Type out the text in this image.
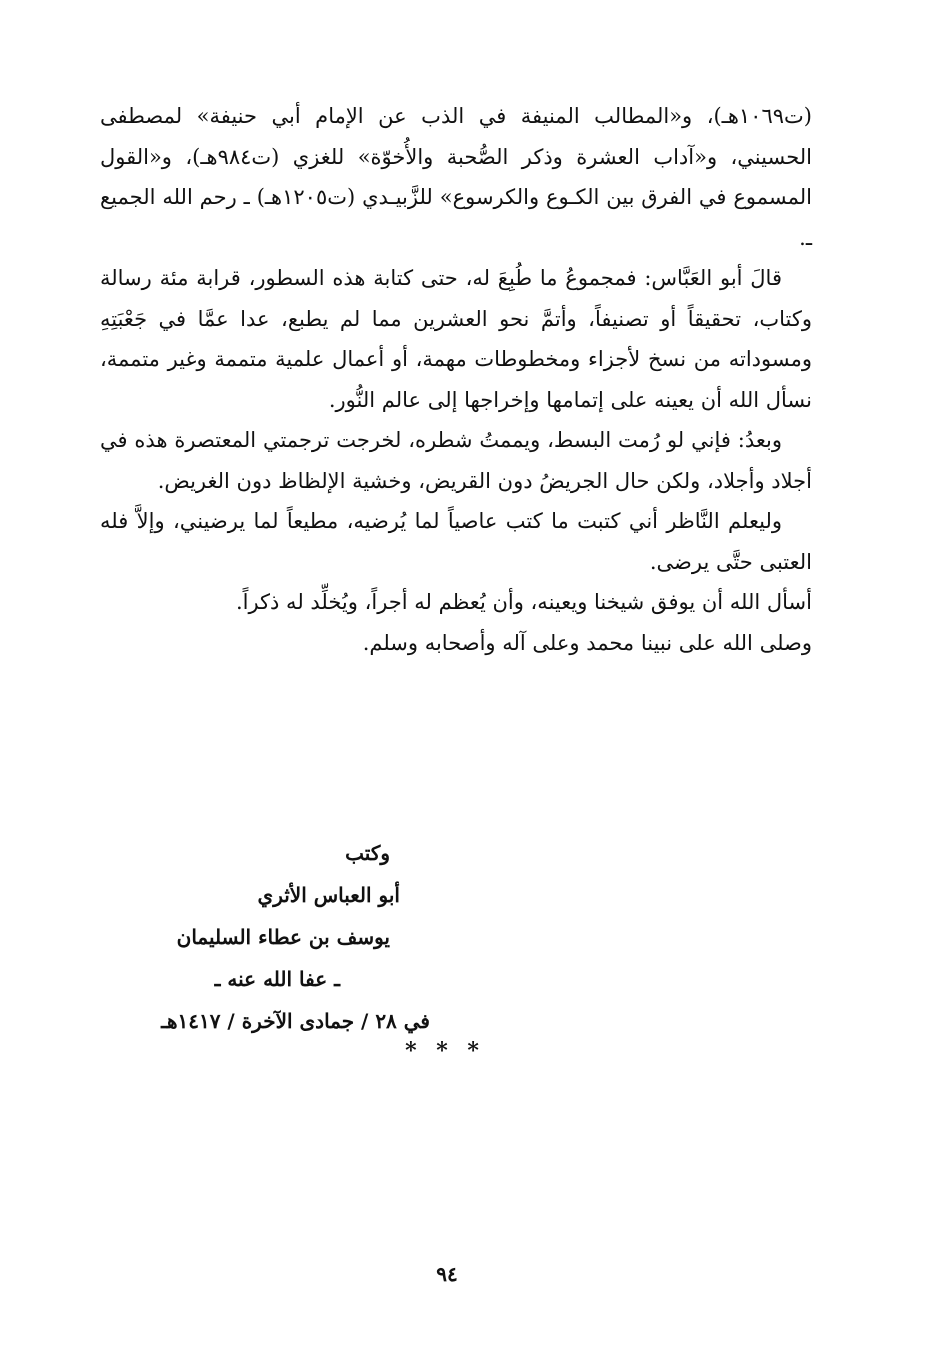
(ت١٠٦٩هـ)، و«المطالب المنيفة في الذب عن الإمام أبي حنيفة» لمصطفى الحسيني، و«آداب العشرة وذكر الصُّحبة والأُخوّة» للغزي (ت٩٨٤هـ)، و«القول المسموع في الفرق بين الكـوع والكرسوع» للزَّبيـدي (ت١٢٠٥هـ) ـ رحم الله الجميع ـ.

قالَ أبو العَبَّاس: فمجموعُ ما طُبِعَ له، حتى كتابة هذه السطور، قرابة مئة رسالة وكتاب، تحقيقاً أو تصنيفاً، وأتمَّ نحو العشرين مما لم يطبع، عدا عمَّا في جَعْبَتِهِ ومسوداته من نسخ لأجزاء ومخطوطات مهمة، أو أعمال علمية متممة وغير متممة، نسأل الله أن يعينه على إتمامها وإخراجها إلى عالم النُّور.

وبعدُ: فإني لو رُمت البسط، ويممتُ شطره، لخرجت ترجمتي المعتصرة هذه في أجلاد وأجلاد، ولكن حال الجريضُ دون القريض، وخشية الإلظاظ دون الغريض.

وليعلم النَّاظر أني كتبت ما كتب عاصياً لما يُرضيه، مطيعاً لما يرضيني، وإلاَّ فله العتبى حتَّى يرضى.

أسأل الله أن يوفق شيخنا ويعينه، وأن يُعظم له أجراً، ويُخلِّد له ذكراً.

وصلى الله على نبينا محمد وعلى آله وأصحابه وسلم.

وكتب
أبو العباس الأثري
يوسف بن عطاء السليمان
ـ عفا الله عنه ـ
في ٢٨ / جمادى الآخرة / ١٤١٧هـ
* * *
٩٤
